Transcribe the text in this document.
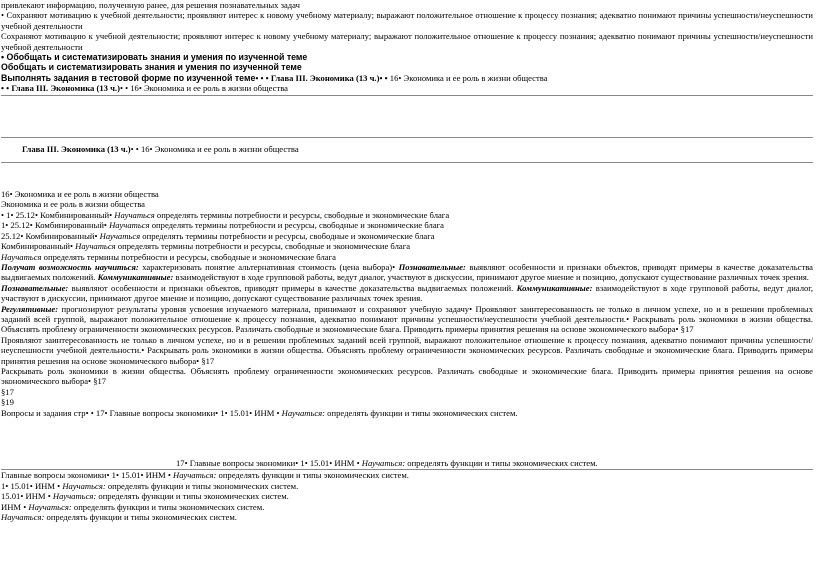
привлекают информацию, полученную ранее, для решения познавательных задач
• Сохраняют мотивацию к учебной деятельности; проявляют интерес к новому учебному материалу; выражают положительное отношение к процессу познания; адекватно понимают причины успешности/неуспешности учебной деятельности
Сохраняют мотивацию к учебной деятельности; проявляют интерес к новому учебному материалу; выражают положительное отношение к процессу познания; адекватно понимают причины успешности/неуспешности учебной деятельности
• Обобщать и систематизировать знания и умения по изученной теме
Обобщать и систематизировать знания и умения по изученной теме
Выполнять задания в тестовой форме по изученной теме• • • Глава III. Экономика (13 ч.)• • 16• Экономика и ее роль в жизни общества
• • Глава III. Экономика (13 ч.)• • 16• Экономика и ее роль в жизни общества
Глава III. Экономика (13 ч.)• • 16• Экономика и ее роль в жизни общества
16• Экономика и ее роль в жизни общества
Экономика и ее роль в жизни общества
• 1• 25.12• Комбинированный• Научаться определять термины потребности и ресурсы, свободные и экономические блага
1• 25.12• Комбинированный• Научаться определять термины потребности и ресурсы, свободные и экономические блага
25.12• Комбинированный• Научаться определять термины потребности и ресурсы, свободные и экономические блага
Комбинированный• Научаться определять термины потребности и ресурсы, свободные и экономические блага
Научаться определять термины потребности и ресурсы, свободные и экономические блага
Получат возможность научиться: характеризовать понятие альтернативная стоимость (цена выбора)• Познавательные: выявляют особенности и признаки объектов, приводят примеры в качестве доказательства выдвигаемых положений. Коммуникативные: взаимодействуют в ходе групповой работы, ведут диалог, участвуют в дискуссии, принимают другое мнение и позицию, допускают существование различных точек зрения.
Познавательные: выявляют особенности и признаки объектов, приводят примеры в качестве доказательства выдвигаемых положений. Коммуникативные: взаимодействуют в ходе групповой работы, ведут диалог, участвуют в дискуссии, принимают другое мнение и позицию, допускают существование различных точек зрения.
Регулятивные: прогнозируют результаты уровня усвоения изучаемого материала, принимают и сохраняют учебную задачу• Проявляют заинтересованность не только в личном успехе, но и в решении проблемных заданий всей группой, выражают положительное отношение к процессу познания, адекватно понимают причины успешности/неуспешности учебной деятельности.• Раскрывать роль экономики в жизни общества. Объяснять проблему ограниченности экономических ресурсов. Различать свободные и экономические блага. Приводить примеры принятия решения на основе экономического выбора• §17
Проявляют заинтересованность не только в личном успехе, но и в решении проблемных заданий всей группой, выражают положительное отношение к процессу познания, адекватно понимают причины успешности/неуспешности учебной деятельности.• Раскрывать роль экономики в жизни общества. Объяснять проблему ограниченности экономических ресурсов. Различать свободные и экономические блага. Приводить примеры принятия решения на основе экономического выбора• §17
Раскрывать роль экономики в жизни общества. Объяснять проблему ограниченности экономических ресурсов. Различать свободные и экономические блага. Приводить примеры принятия решения на основе экономического выбора• §17
§17
§19
Вопросы и задания стр• • 17• Главные вопросы экономики• 1• 15.01• ИНМ • Научаться: определять функции и типы экономических систем.
17• Главные вопросы экономики• 1• 15.01• ИНМ • Научаться: определять функции и типы экономических систем.
Главные вопросы экономики• 1• 15.01• ИНМ • Научаться: определять функции и типы экономических систем.
1• 15.01• ИНМ • Научаться: определять функции и типы экономических систем.
15.01• ИНМ • Научаться: определять функции и типы экономических систем.
ИНМ • Научаться: определять функции и типы экономических систем.
Научаться: определять функции и типы экономических систем.
